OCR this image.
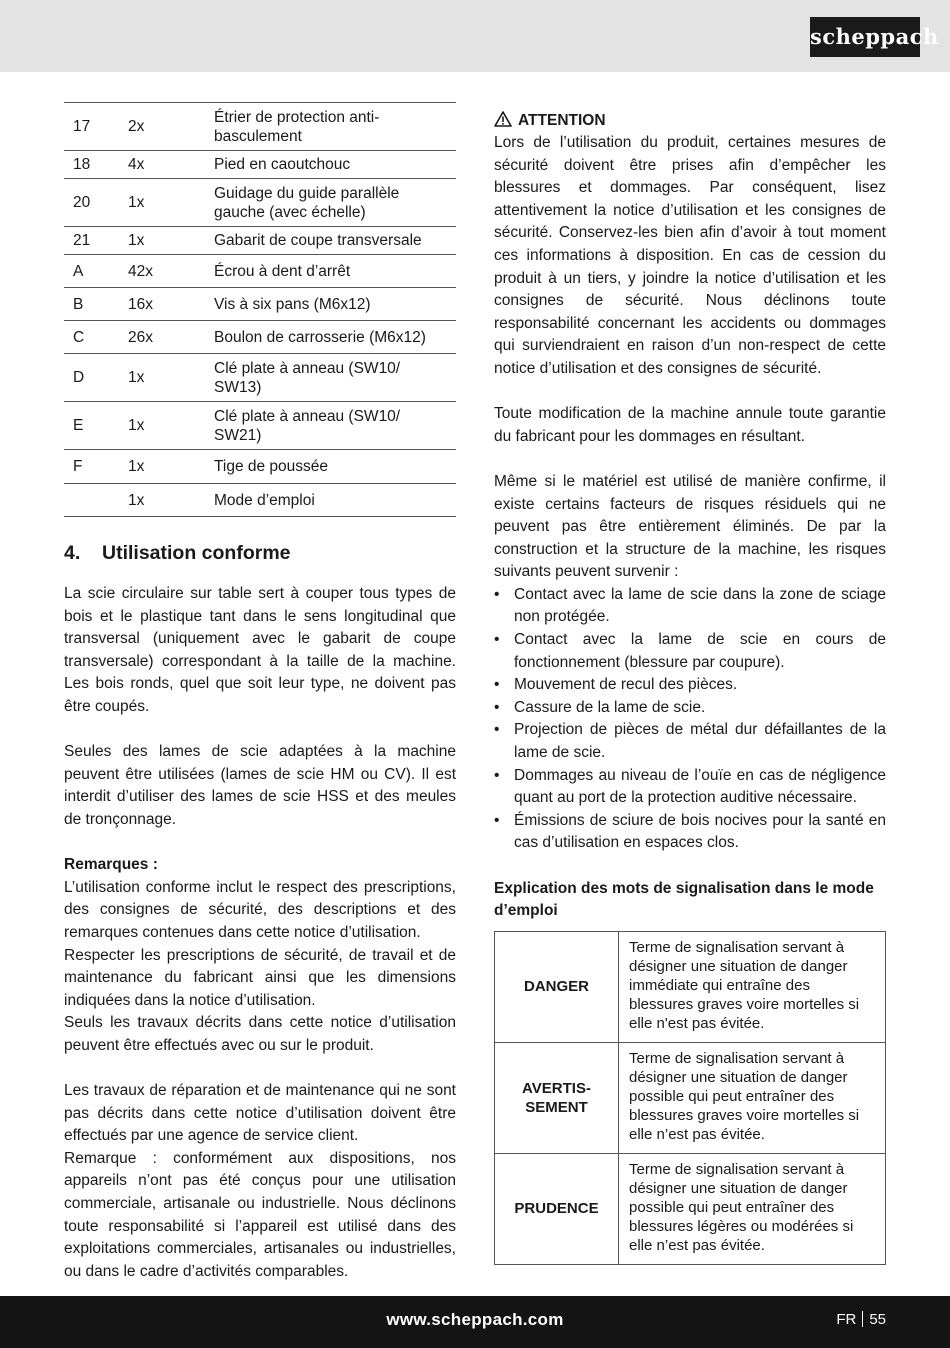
scheppach
17	2x	Étrier de protection anti-basculement
18	4x	Pied en caoutchouc
20	1x	Guidage du guide parallèle gauche (avec échelle)
21	1x	Gabarit de coupe transversale
A	42x	Écrou à dent d’arrêt
B	16x	Vis à six pans (M6x12)
C	26x	Boulon de carrosserie (M6x12)
D	1x	Clé plate à anneau (SW10/ SW13)
E	1x	Clé plate à anneau (SW10/ SW21)
F	1x	Tige de poussée
	1x	Mode d’emploi
4. Utilisation conforme

La scie circulaire sur table sert à couper tous types de bois et le plastique tant dans le sens longitudinal que transversal (uniquement avec le gabarit de coupe transversale) correspondant à la taille de la machine. Les bois ronds, quel que soit leur type, ne doivent pas être coupés.

Seules des lames de scie adaptées à la machine peuvent être utilisées (lames de scie HM ou CV). Il est interdit d’utiliser des lames de scie HSS et des meules de tronçonnage.

Remarques :

L’utilisation conforme inclut le respect des prescriptions, des consignes de sécurité, des descriptions et des remarques contenues dans cette notice d’utilisation.

Respecter les prescriptions de sécurité, de travail et de maintenance du fabricant ainsi que les dimensions indiquées dans la notice d’utilisation.

Seuls les travaux décrits dans cette notice d’utilisation peuvent être effectués avec ou sur le produit.

Les travaux de réparation et de maintenance qui ne sont pas décrits dans cette notice d’utilisation doivent être effectués par une agence de service client.

Remarque : conformément aux dispositions, nos appareils n’ont pas été conçus pour une utilisation commerciale, artisanale ou industrielle. Nous déclinons toute responsabilité si l’appareil est utilisé dans des exploitations commerciales, artisanales ou industrielles, ou dans le cadre d’activités comparables.

ATTENTION

Lors de l’utilisation du produit, certaines mesures de sécurité doivent être prises afin d’empêcher les blessures et dommages. Par conséquent, lisez attentivement la notice d’utilisation et les consignes de sécurité. Conservez-les bien afin d’avoir à tout moment ces informations à disposition. En cas de cession du produit à un tiers, y joindre la notice d’utilisation et les consignes de sécurité. Nous déclinons toute responsabilité concernant les accidents ou dommages qui surviendraient en raison d’un non-respect de cette notice d’utilisation et des consignes de sécurité.

Toute modification de la machine annule toute garantie du fabricant pour les dommages en résultant.

Même si le matériel est utilisé de manière confirme, il existe certains facteurs de risques résiduels qui ne peuvent pas être entièrement éliminés. De par la construction et la structure de la machine, les risques suivants peuvent survenir :

• Contact avec la lame de scie dans la zone de sciage non protégée.
• Contact avec la lame de scie en cours de fonctionnement (blessure par coupure).
• Mouvement de recul des pièces.
• Cassure de la lame de scie.
• Projection de pièces de métal dur défaillantes de la lame de scie.
• Dommages au niveau de l’ouïe en cas de négligence quant au port de la protection auditive nécessaire.
• Émissions de sciure de bois nocives pour la santé en cas d’utilisation en espaces clos.

Explication des mots de signalisation dans le mode d’emploi

DANGER	Terme de signalisation servant à désigner une situation de danger immédiate qui entraîne des blessures graves voire mortelles si elle n'est pas évitée.
AVERTIS-SEMENT	Terme de signalisation servant à désigner une situation de danger possible qui peut entraîner des blessures graves voire mortelles si elle n’est pas évitée.
PRUDENCE	Terme de signalisation servant à désigner une situation de danger possible qui peut entraîner des blessures légères ou modérées si elle n’est pas évitée.
www.scheppach.com	FR 55
